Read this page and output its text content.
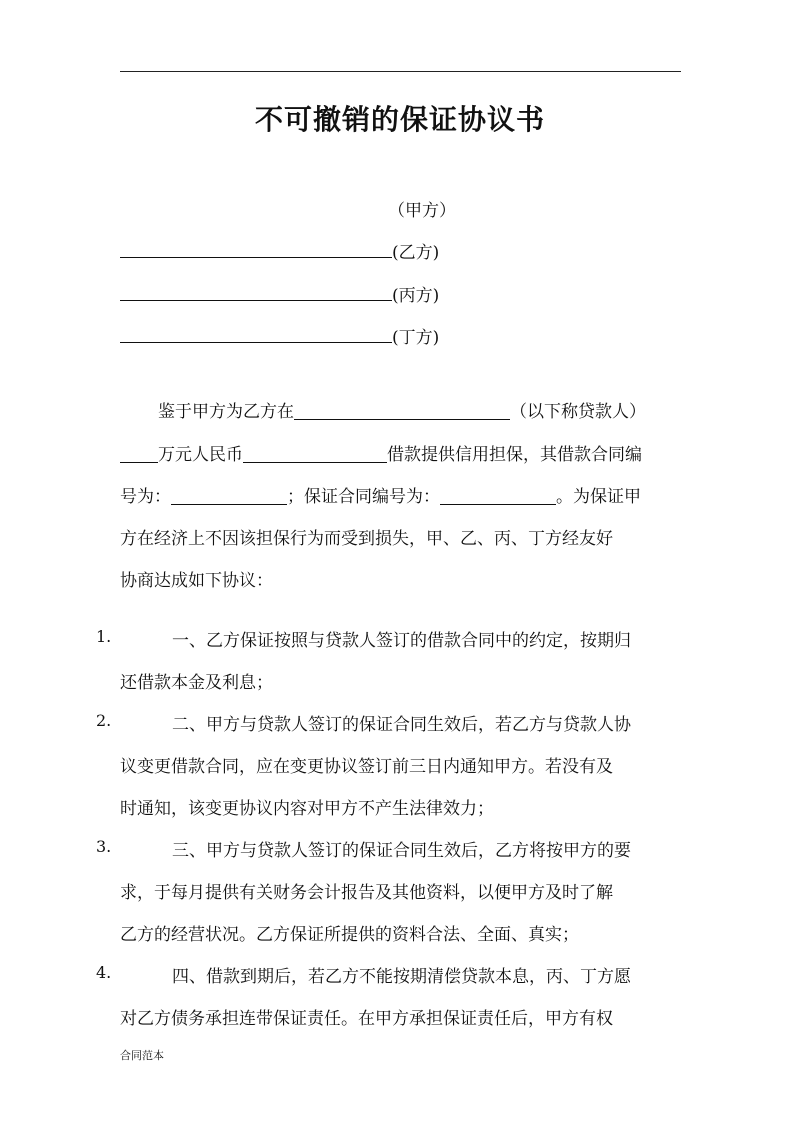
不可撤销的保证协议书
（甲方）
(乙方)
(丙方)
(丁方)
鉴于甲方为乙方在	（以下称贷款人）
万元人民币	借款提供信用担保，其借款合同编
号为：	；保证合同编号为：	。为保证甲
方在经济上不因该担保行为而受到损失，甲、乙、丙、丁方经友好
协商达成如下协议：
1.	一、乙方保证按照与贷款人签订的借款合同中的约定，按期归
还借款本金及利息；
2.	二、甲方与贷款人签订的保证合同生效后，若乙方与贷款人协
议变更借款合同，应在变更协议签订前三日内通知甲方。若没有及
时通知，该变更协议内容对甲方不产生法律效力；
3.	三、甲方与贷款人签订的保证合同生效后，乙方将按甲方的要
求，于每月提供有关财务会计报告及其他资料，以便甲方及时了解
乙方的经营状况。乙方保证所提供的资料合法、全面、真实；
4.	四、借款到期后，若乙方不能按期清偿贷款本息，丙、丁方愿
对乙方债务承担连带保证责任。在甲方承担保证责任后，甲方有权
合同范本
